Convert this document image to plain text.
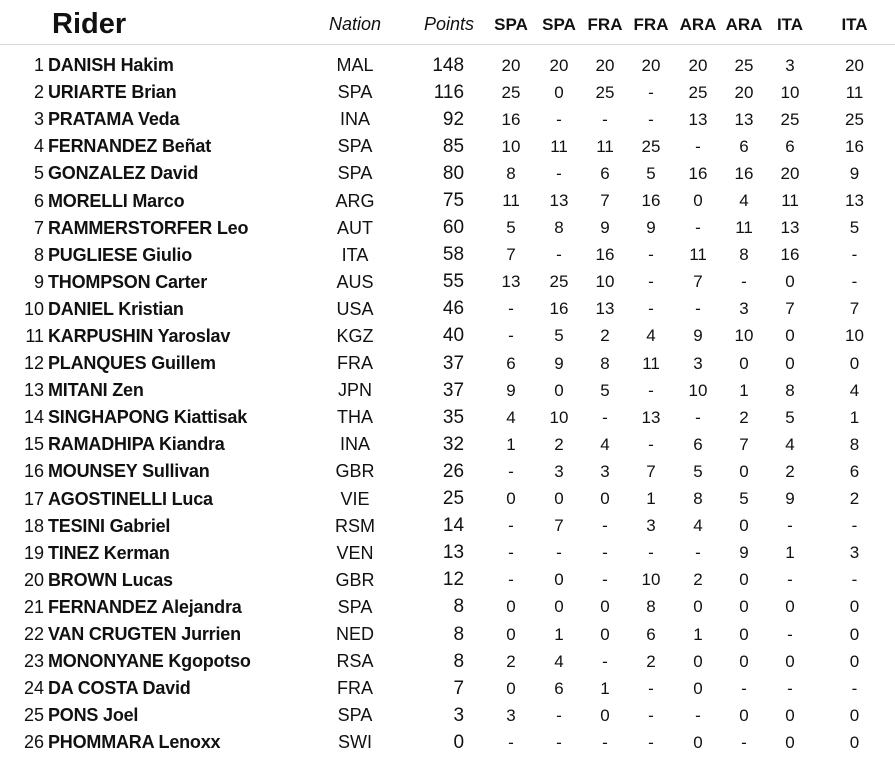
Rider		Nation	Points	SPA	SPA	FRA	FRA	ARA	ARA	ITA	ITA

1	DANISH Hakim	MAL	148	20	20	20	20	20	25	3	20
2	URIARTE Brian	SPA	116	25	0	25	-	25	20	10	11
3	PRATAMA Veda	INA	92	16	-	-	-	13	13	25	25
4	FERNANDEZ Beñat	SPA	85	10	11	11	25	-	6	6	16
5	GONZALEZ David	SPA	80	8	-	6	5	16	16	20	9
6	MORELLI Marco	ARG	75	11	13	7	16	0	4	11	13
7	RAMMERSTORFER Leo	AUT	60	5	8	9	9	-	11	13	5
8	PUGLIESE Giulio	ITA	58	7	-	16	-	11	8	16	-
9	THOMPSON Carter	AUS	55	13	25	10	-	7	-	0	-
10	DANIEL Kristian	USA	46	-	16	13	-	-	3	7	7
11	KARPUSHIN Yaroslav	KGZ	40	-	5	2	4	9	10	0	10
12	PLANQUES Guillem	FRA	37	6	9	8	11	3	0	0	0
13	MITANI Zen	JPN	37	9	0	5	-	10	1	8	4
14	SINGHAPONG Kiattisak	THA	35	4	10	-	13	-	2	5	1
15	RAMADHIPA Kiandra	INA	32	1	2	4	-	6	7	4	8
16	MOUNSEY Sullivan	GBR	26	-	3	3	7	5	0	2	6
17	AGOSTINELLI Luca	VIE	25	0	0	0	1	8	5	9	2
18	TESINI Gabriel	RSM	14	-	7	-	3	4	0	-	-
19	TINEZ Kerman	VEN	13	-	-	-	-	-	9	1	3
20	BROWN Lucas	GBR	12	-	0	-	10	2	0	-	-
21	FERNANDEZ Alejandra	SPA	8	0	0	0	8	0	0	0	0
22	VAN CRUGTEN Jurrien	NED	8	0	1	0	6	1	0	-	0
23	MONONYANE Kgopotso	RSA	8	2	4	-	2	0	0	0	0
24	DA COSTA David	FRA	7	0	6	1	-	0	-	-	-
25	PONS Joel	SPA	3	3	-	0	-	-	0	0	0
26	PHOMMARA Lenoxx	SWI	0	-	-	-	-	0	-	0	0
